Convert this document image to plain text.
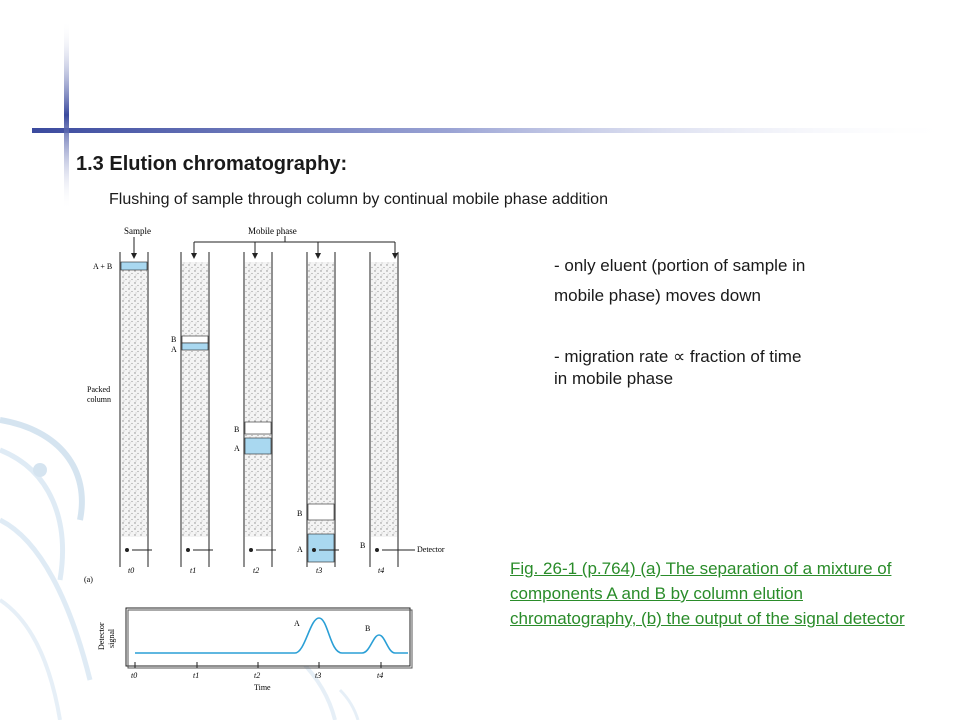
1.3 Elution chromatography:
Flushing of sample through column by continual mobile phase addition
- only eluent (portion of sample in
mobile phase) moves down
- migration rate ∝ fraction of time
in mobile phase
Fig. 26-1 (p.764) (a) The separation of a mixture of components A and B by column elution chromatography, (b) the output of the signal detector
Sample	Mobile phase
A + B
Packed
column
Detector
(a)
t0
B
A
t1
B
A
t2
B
A
t3
B
t4
Detector signal
A
B
t0	t1	t2	t3	t4
Time
